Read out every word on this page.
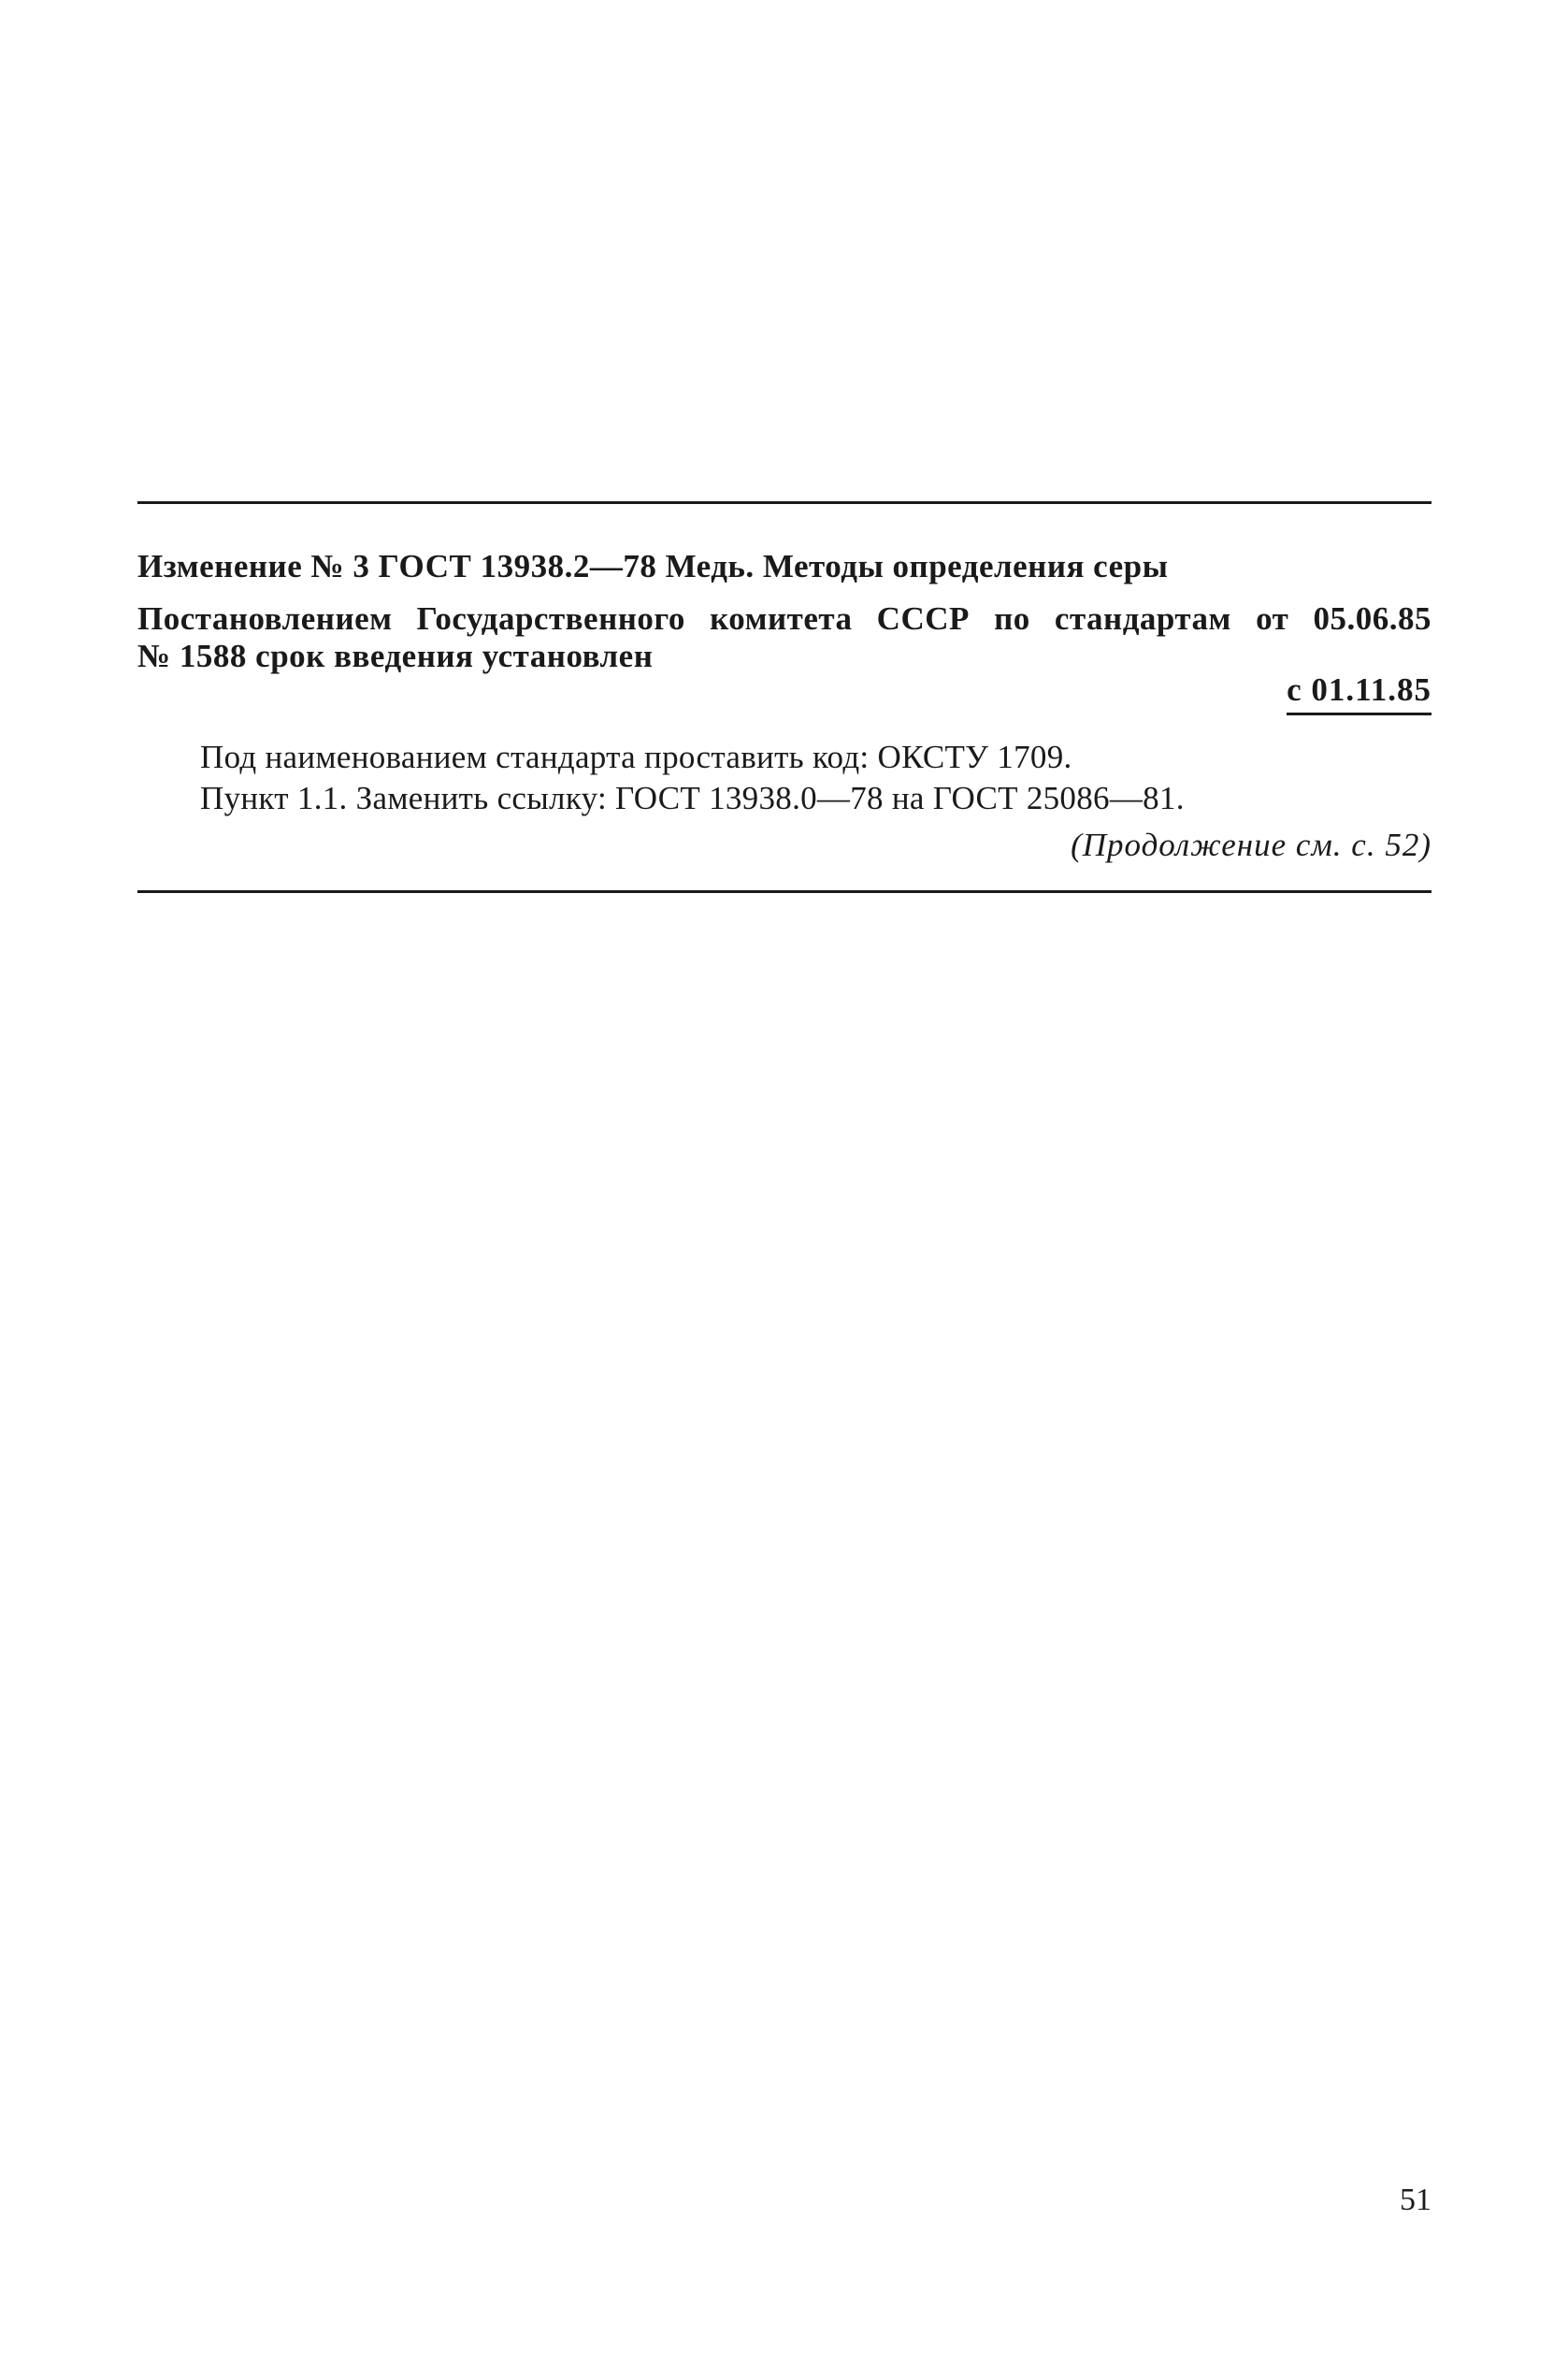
Изменение № 3 ГОСТ 13938.2—78 Медь. Методы определения серы
Постановлением Государственного комитета СССР по стандартам от 05.06.85
№ 1588 срок введения установлен
с 01.11.85
Под наименованием стандарта проставить код: ОКСТУ 1709.
Пункт 1.1. Заменить ссылку: ГОСТ 13938.0—78 на ГОСТ 25086—81.
(Продолжение см. с. 52)
51
